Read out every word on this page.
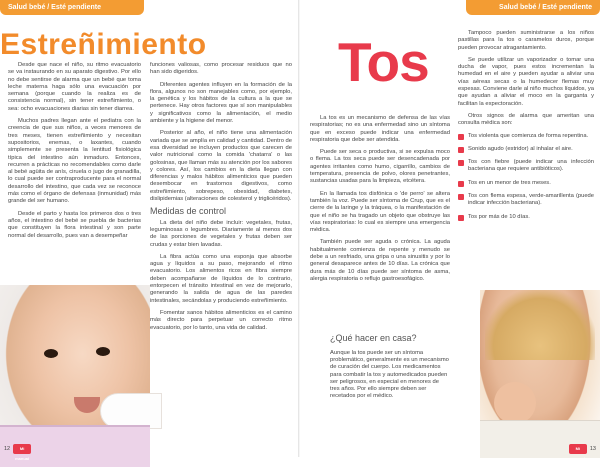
Salud bebé / Esté pendiente
Estreñimiento

Desde que nace el niño, su ritmo evacuatorio se va instaurando en su aparato digestivo. Por ello no debe sentirse de alarma que un bebé que toma leche materna haga sólo una evacuación por semana (porque cuando la realiza es de consistencia normal), sin tener estreñimiento, o sea: ocho evacuaciones diarias sin tener diarrea.

Muchos padres llegan ante el pediatra con la creencia de que sus niños, a veces menores de tres meses, tienen estreñimiento y necesitan supositorios, enemas, o laxantes, cuando simplemente se presenta la lentitud fisiológica típica del intestino aún inmaduro. Entonces, recurren a prácticas no recomendables como darle al bebé agüita de anís, ciruela o jugo de granadilla, lo cual puede ser contraproducente para el normal desarrollo del intestino, que cada vez se reconoce más como el órgano de defensas (inmunidad) más grande del ser humano.

Desde el parto y hasta los primeros dos o tres años, el intestino del bebé se puebla de bacterias que constituyen la flora intestinal y son parte normal del desarrollo, pues van a desempeñar

funciones valiosas, como procesar residuos que no han sido digeridos.

Diferentes agentes influyen en la formación de la flora, algunos no son manejables como, por ejemplo, la genética y los hábitos de la cultura a la que se pertenece. Hay otros factores que sí son manipulables y significativos como la alimentación, el medio ambiente y la higiene del menor.

Posterior al año, el niño tiene una alimentación variada que se amplía en calidad y cantidad. Dentro de esa diversidad se incluyen productos que carecen de valor nutricional como la comida 'chatarra' o las golosinas, que llaman más su atención por los sabores y colores. Así, los cambios en la dieta llegan con diferencias y malos hábitos alimenticios que pueden desembocar en trastornos digestivos, como estreñimiento, sobrepeso, obesidad, diabetes, dislipidemias (alteraciones de colesterol y triglicéridos).

Medidas de control

La dieta del niño debe incluir: vegetales, frutas, leguminosas o legumbres. Diariamente al menos dos de las porciones de vegetales y frutas deben ser crudas y estar bien lavadas.

La fibra actúa como una esponja que absorbe agua y líquidos a su paso, mejorando el ritmo evacuatorio. Los alimentos ricos en fibra siempre deben acompañarse de líquidos de lo contrario, entorpecen el tránsito intestinal en vez de mejorarlo, generando la salida de agua de las paredes intestinales, secándolas y produciendo estreñimiento.

Fomentar sanos hábitos alimenticios es el camino más directo para perpetuar un correcto ritmo evacuatorio, por lo tanto, una vida de calidad.

12	Mi manual del bebé
Salud bebé / Esté pendiente
Tos

La tos es un mecanismo de defensa de las vías respiratorias; no es una enfermedad sino un síntoma que en exceso puede indicar una enfermedad respiratoria que debe ser atendida.

Puede ser seca o productiva, si se expulsa moco o flema. La tos seca puede ser desencadenada por agentes irritantes como humo, cigarrillo, cambios de temperatura, presencia de polvo, olores penetrantes, sustancias usadas para la limpieza, etcétera.

En la llamada tos disfónica o 'de perro' se altera también la voz. Puede ser síntoma de Crup, que es el cierre de la laringe y la tráquea, o la manifestación de que el niño se ha tragado un objeto que obstruye las vías respiratorias: lo cual es siempre una emergencia médica.

También puede ser aguda o crónica. La aguda habitualmente comienza de repente y menudo se debe a un resfriado, una gripa o una sinusitis y por lo general desaparece antes de 10 días. La crónica que dura más de 10 días puede ser síntoma de asma, alergia respiratoria o reflujo gastroesofágico.

¿Qué hacer en casa?
Aunque la tos puede ser un síntoma problemático, generalmente es un mecanismo de curación del cuerpo. Los medicamentos para combatir la tos y automedicados pueden ser peligrosos, en especial en menores de tres años. Por ello siempre deben ser recetados por el médico.

Tampoco pueden suministrarse a los niños pastillas para la tos o caramelos duros, porque pueden provocar atragantamiento.

Se puede utilizar un vaporizador o tomar una ducha de vapor, pues estos incrementan la humedad en el aire y pueden ayudar a aliviar una vías aéreas secas o la humedecer flemas muy espesas. Conviene darle al niño muchos líquidos, ya que ayudan a aliviar el moco en la garganta y facilitan la expectoración.

Otros signos de alarma que ameritan una consulta médica son:

Tos violenta que comienza de forma repentina.
Sonido agudo (estridor) al inhalar el aire.
Tos con fiebre (puede indicar una infección bacteriana que requiere antibióticos).
Tos en un menor de tres meses.
Tos con flema espesa, verde-amarillenta (puede indicar infección bacteriana).
Tos por más de 10 días.
Mi manual del bebé
13
